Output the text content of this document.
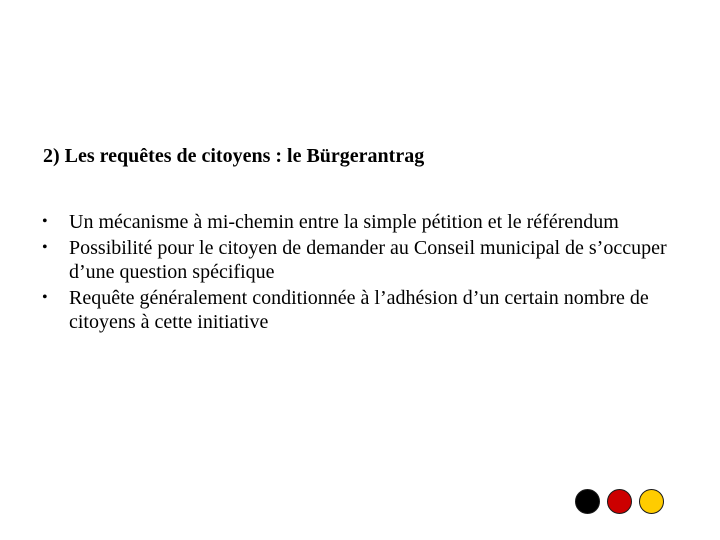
2) Les requêtes de citoyens : le Bürgerantrag
•	Un mécanisme à mi-chemin entre la simple pétition et le référendum
•	Possibilité pour le citoyen de demander au Conseil municipal de s’occuper d’une question spécifique
•	Requête généralement conditionnée à l’adhésion d’un certain nombre de citoyens à cette initiative
